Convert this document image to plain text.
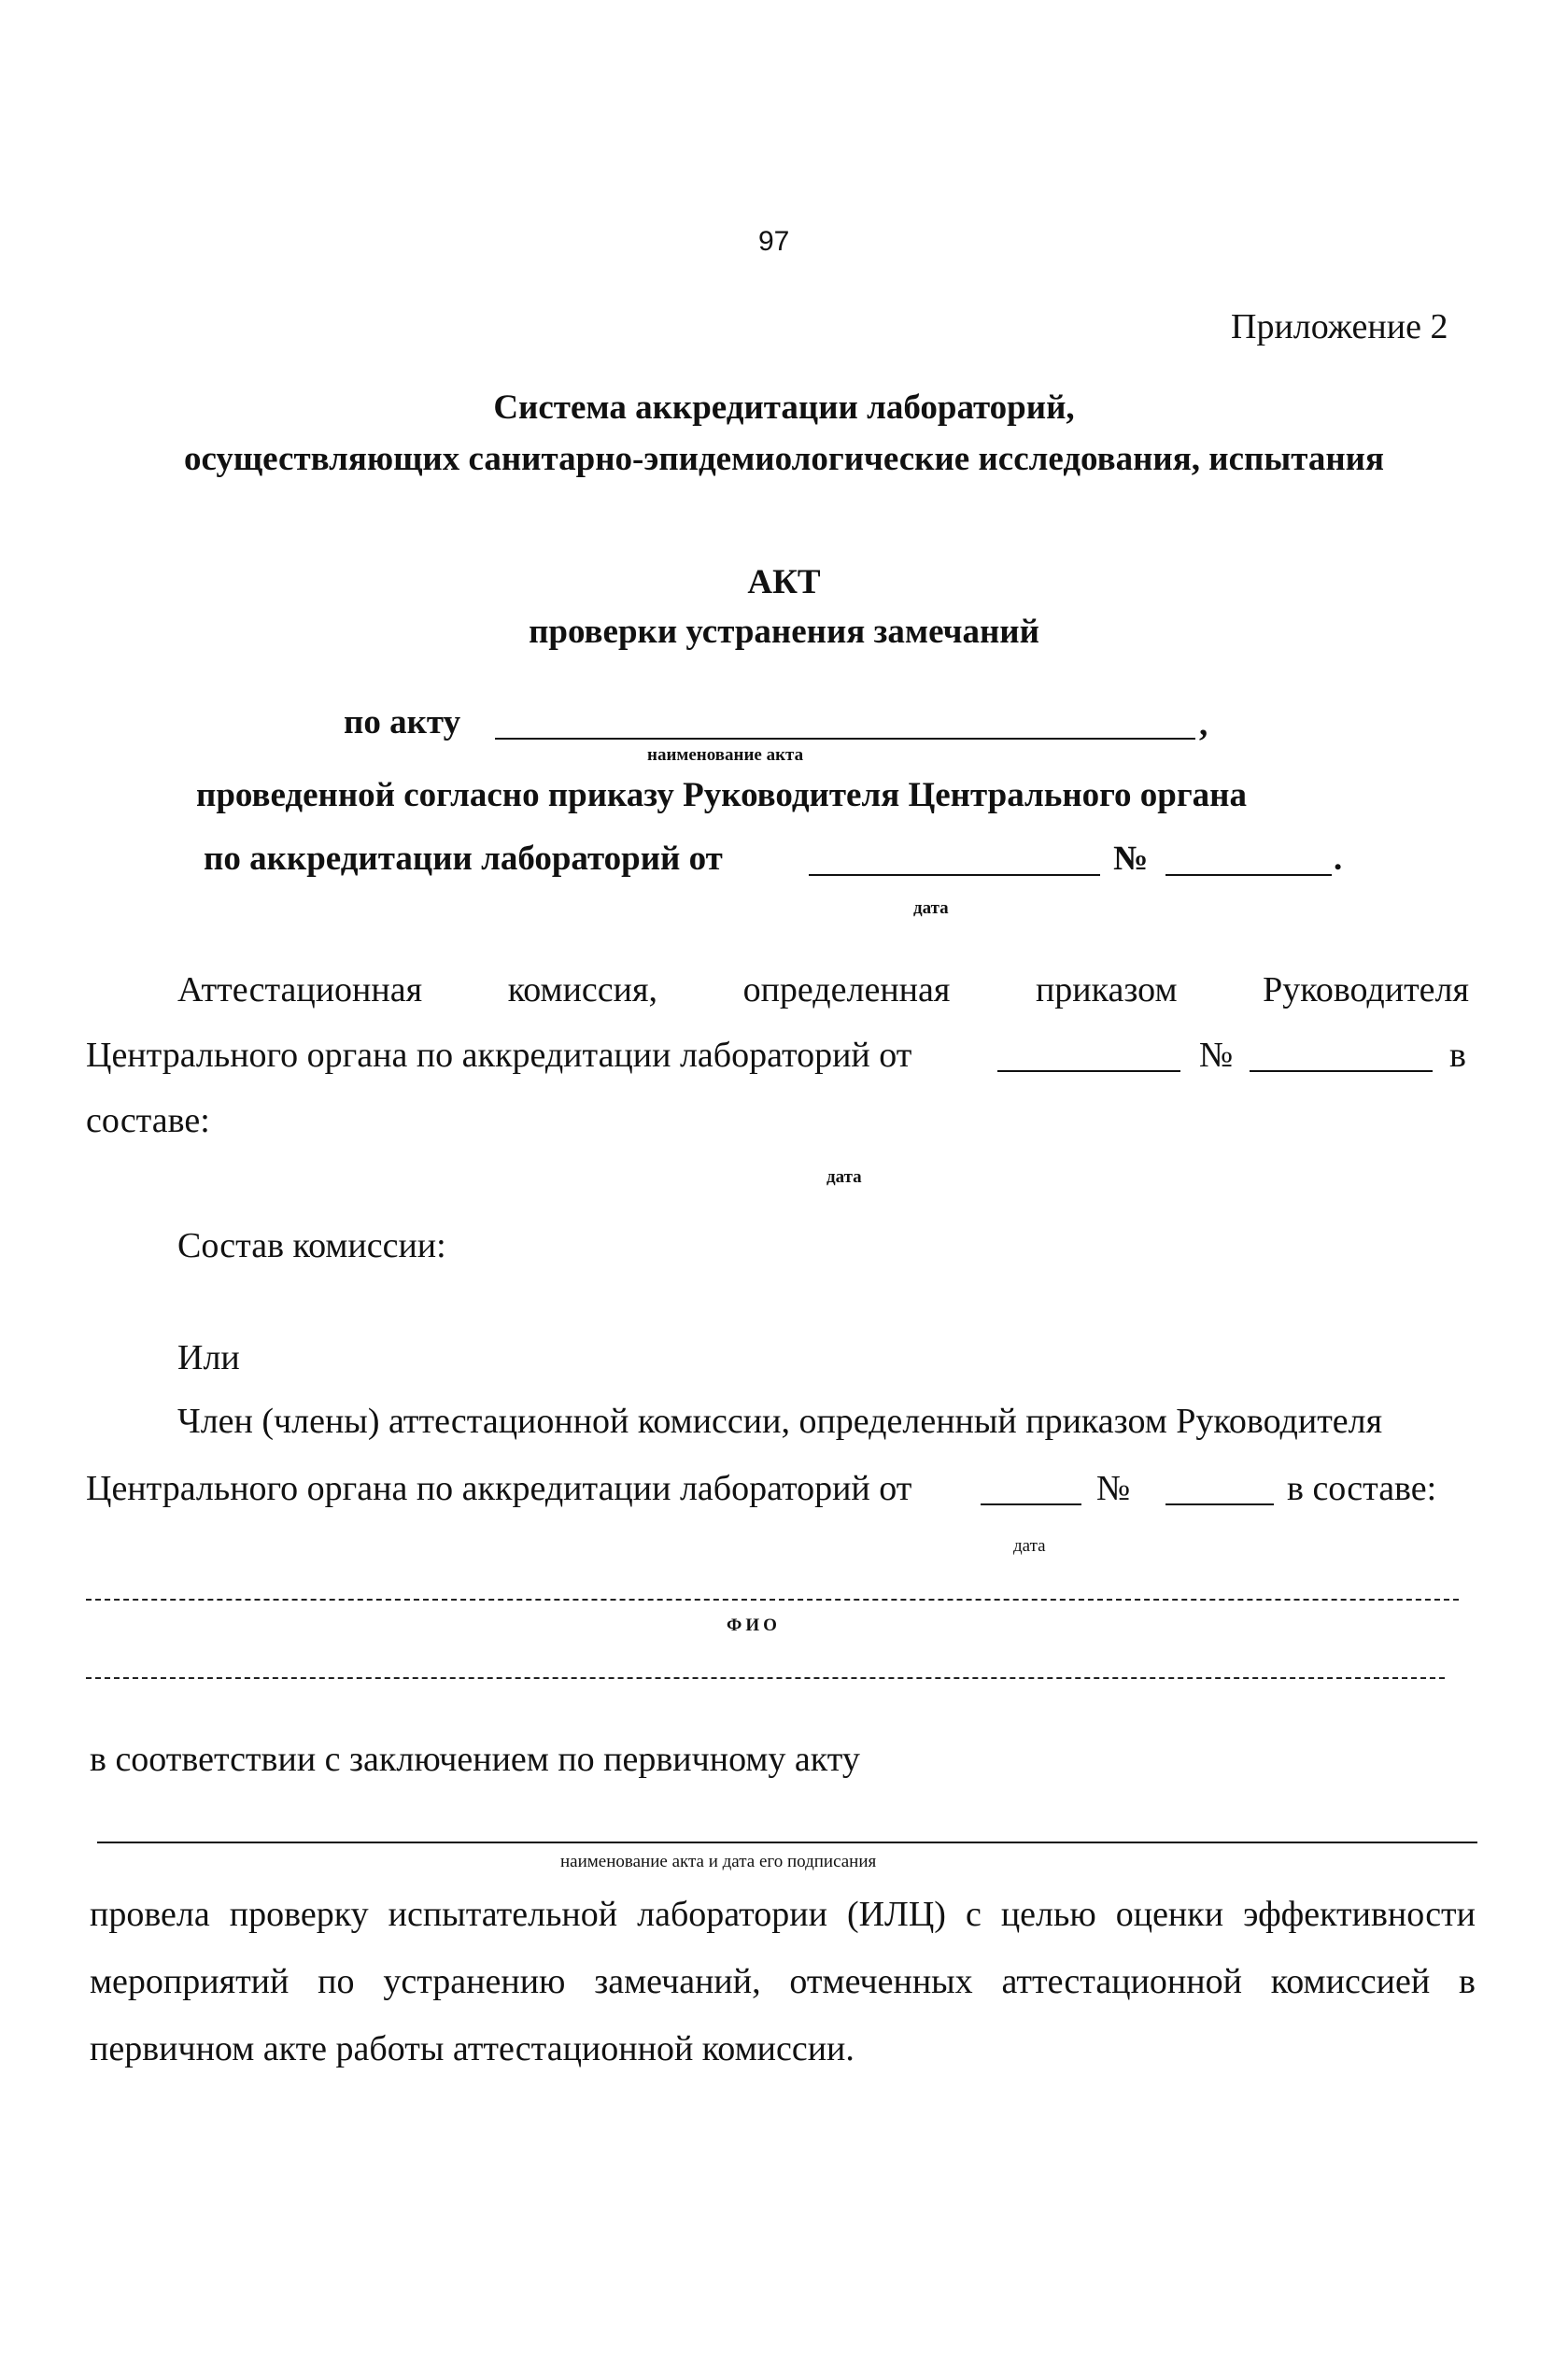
97
Приложение 2
Система аккредитации лабораторий,
осуществляющих санитарно-эпидемиологические исследования, испытания
АКТ
проверки устранения замечаний
по акту	,
наименование акта
проведенной согласно приказу Руководителя Центрального органа
по аккредитации лабораторий от	№	.
дата
Аттестационная комиссия, определенная приказом Руководителя
Центрального органа по аккредитации лабораторий от	№	в
составе:
дата
Состав комиссии:
Или
Член (члены) аттестационной комиссии, определенный приказом Руководителя
Центрального органа по аккредитации лабораторий от	№	в составе:
дата
ФИО
в соответствии с заключением по первичному акту
наименование акта и дата его подписания
провела проверку испытательной лаборатории (ИЛЦ) с целью оценки эффективности
мероприятий по устранению замечаний, отмеченных аттестационной комиссией в
первичном акте работы аттестационной комиссии.
